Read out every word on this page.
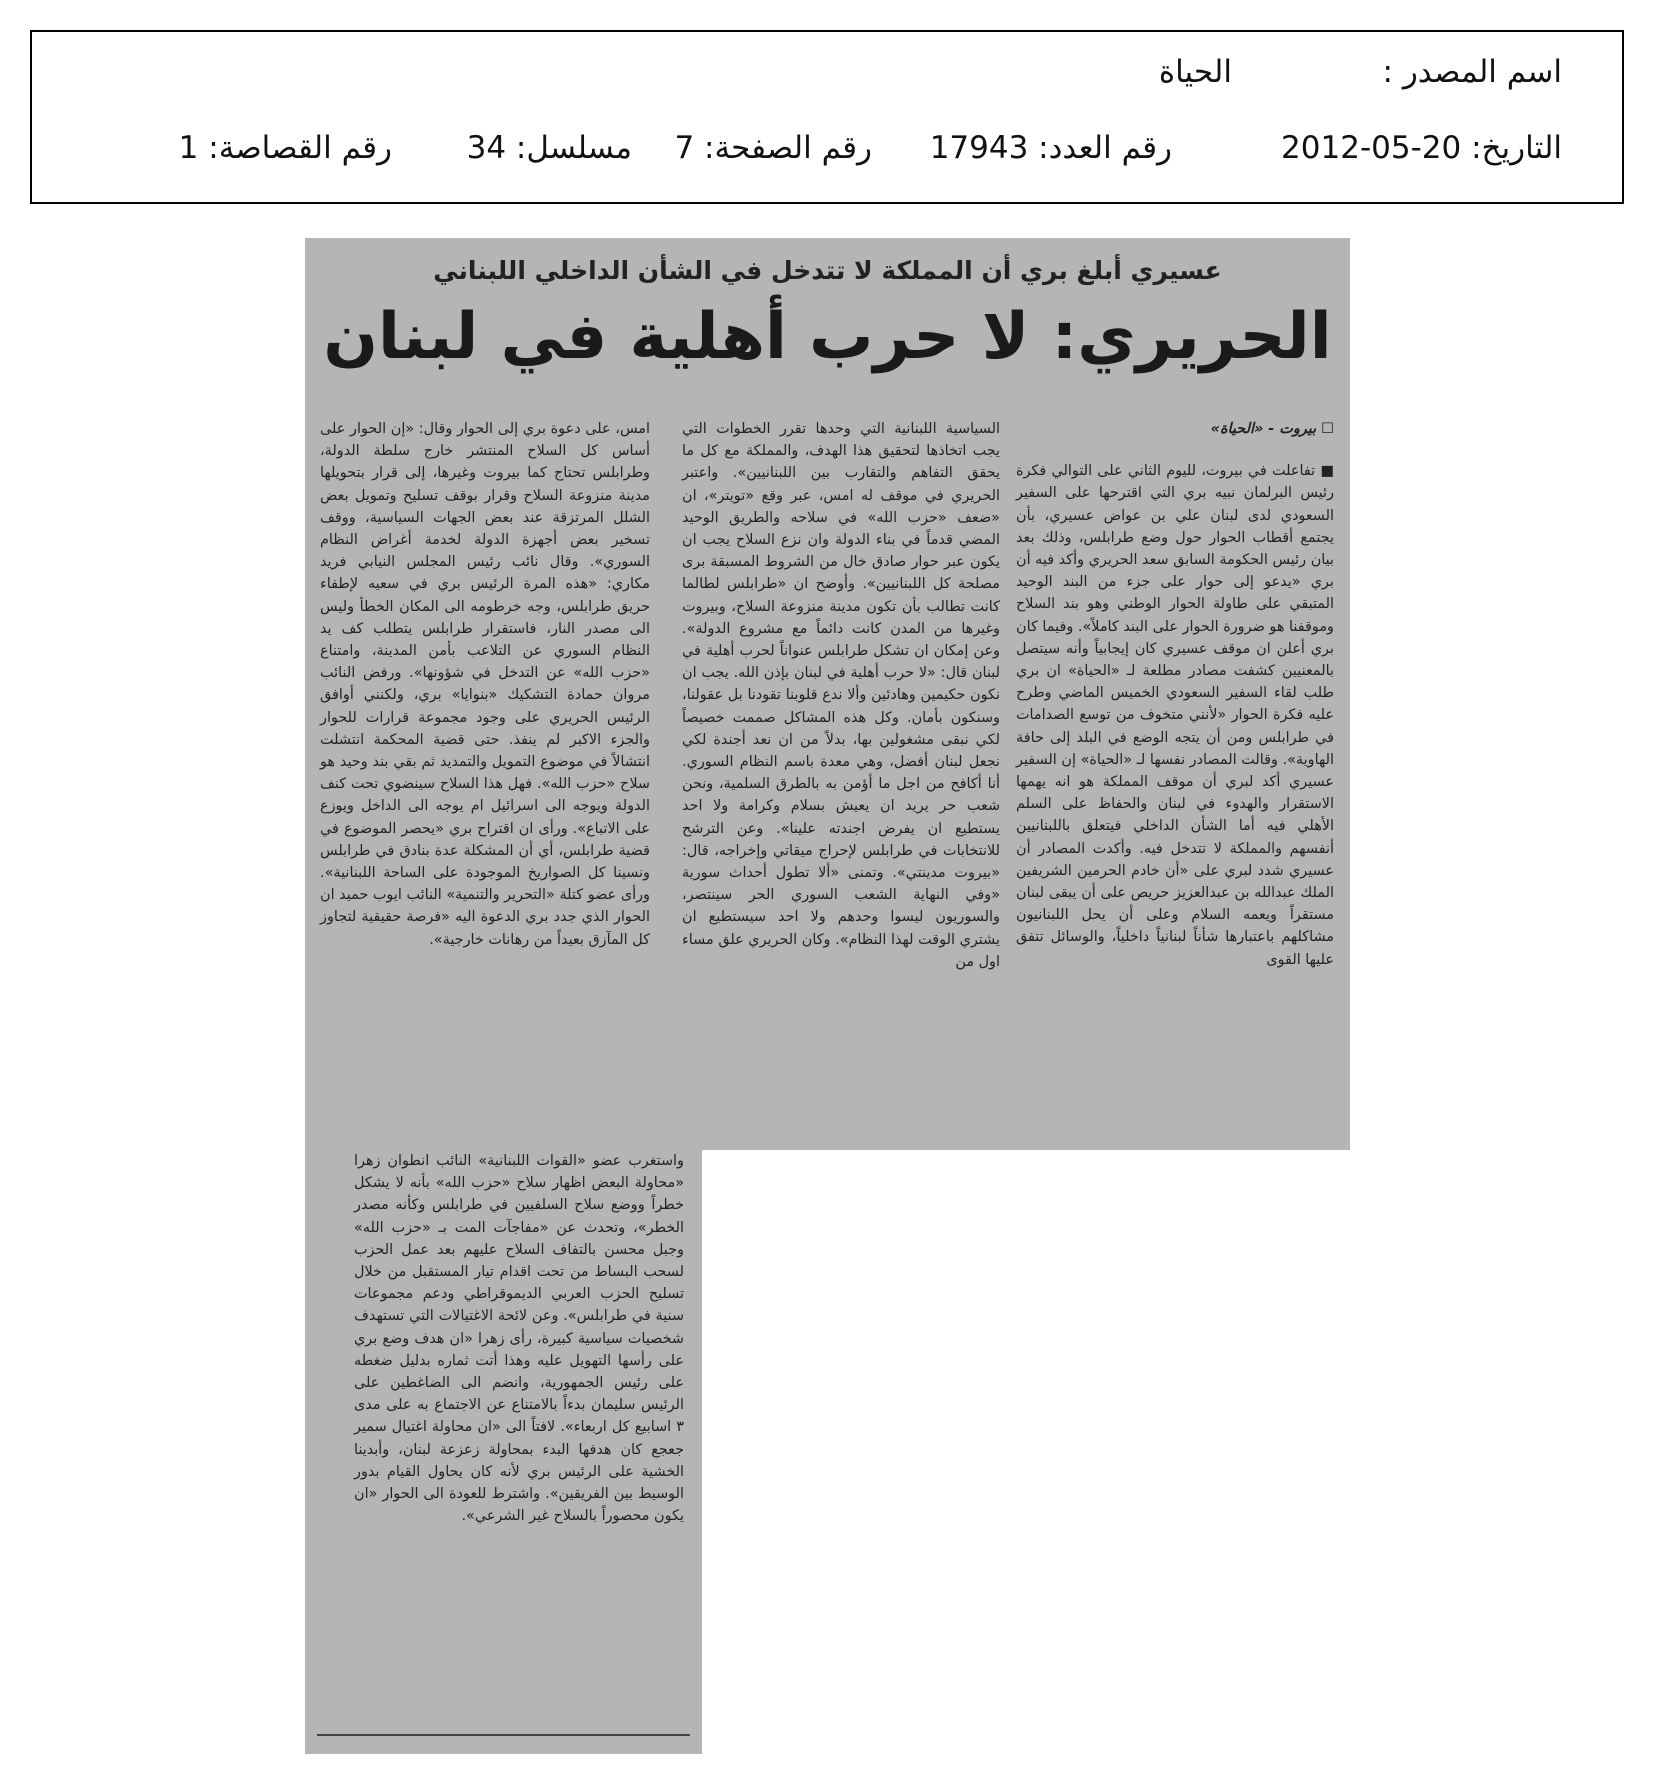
اسم المصدر :
الحياة
التاريخ: 20-05-2012
رقم العدد: 17943
رقم الصفحة: 7
مسلسل: 34
رقم القصاصة: 1
عسيري أبلغ بري أن المملكة لا تتدخل في الشأن الداخلي اللبناني
الحريري: لا حرب أهلية في لبنان
☐ بيروت - «الحياة»
■ تفاعلت في بيروت، لليوم الثاني على التوالي فكرة رئيس البرلمان نبيه بري التي اقترحها على السفير السعودي لدى لبنان علي بن عواض عسيري، بأن يجتمع أقطاب الحوار حول وضع طرابلس، وذلك بعد بيان رئيس الحكومة السابق سعد الحريري وأكد فيه أن بري «يدعو إلى حوار على جزء من البند الوحيد المتبقي على طاولة الحوار الوطني وهو بند السلاح وموقفنا هو ضرورة الحوار على البند كاملاً». وفيما كان بري أعلن ان موقف عسيري كان إيجابياً وأنه سيتصل بالمعنيين كشفت مصادر مطلعة لـ «الحياة» ان بري طلب لقاء السفير السعودي الخميس الماضي وطرح عليه فكرة الحوار «لأنني متخوف من توسع الصدامات في طرابلس ومن أن يتجه الوضع في البلد إلى حافة الهاوية». وقالت المصادر نفسها لـ «الحياة» إن السفير عسيري أكد لبري أن موقف المملكة هو انه يهمها الاستقرار والهدوء في لبنان والحفاظ على السلم الأهلي فيه أما الشأن الداخلي فيتعلق باللبنانيين أنفسهم والمملكة لا تتدخل فيه. وأكدت المصادر أن عسيري شدد لبري على «أن خادم الحرمين الشريفين الملك عبدالله بن عبدالعزيز حريص على أن يبقى لبنان مستقراً ويعمه السلام وعلى أن يحل اللبنانيون مشاكلهم باعتبارها شأناً لبنانياً داخلياً، والوسائل تتفق عليها القوى
السياسية اللبنانية التي وحدها تقرر الخطوات التي يجب اتخاذها لتحقيق هذا الهدف، والمملكة مع كل ما يحقق التفاهم والتقارب بين اللبنانيين». واعتبر الحريري في موقف له امس، عبر وقع «تويتر»، ان «ضعف «حزب الله» في سلاحه والطريق الوحيد المضي قدماً في بناء الدولة وان نزع السلاح يجب ان يكون عبر حوار صادق خال من الشروط المسبقة برى مصلحة كل اللبنانيين». وأوضح ان «طرابلس لطالما كانت تطالب بأن تكون مدينة منزوعة السلاح، وبيروت وغيرها من المدن كانت دائماً مع مشروع الدولة». وعن إمكان ان تشكل طرابلس عنواناً لحرب أهلية في لبنان قال: «لا حرب أهلية في لبنان بإذن الله. يجب ان نكون حكيمين وهادئين وألا ندع قلوبنا تقودنا بل عقولنا، وسنكون بأمان. وكل هذه المشاكل صممت خصيصاً لكي نبقى مشغولين بها، بدلاً من ان نعد أجندة لكي نجعل لبنان أفضل، وهي معدة باسم النظام السوري. أنا أكافح من اجل ما أؤمن به بالطرق السلمية، ونحن شعب حر يريد ان يعيش بسلام وكرامة ولا احد يستطيع ان يفرض اجندته علينا». وعن الترشح للانتخابات في طرابلس لإحراج ميقاتي وإخراجه، قال: «بيروت مدينتي». وتمنى «ألا تطول أحداث سورية «وفي النهاية الشعب السوري الحر سينتصر، والسوريون ليسوا وحدهم ولا احد سيستطيع ان يشتري الوقت لهذا النظام». وكان الحريري علق مساء اول من
امس، على دعوة بري إلى الحوار وقال: «إن الحوار على أساس كل السلاح المنتشر خارج سلطة الدولة، وطرابلس تحتاج كما بيروت وغيرها، إلى قرار بتحويلها مدينة منزوعة السلاح وقرار بوقف تسليح وتمويل بعض الشلل المرتزقة عند بعض الجهات السياسية، ووقف تسخير بعض أجهزة الدولة لخدمة أغراض النظام السوري». وقال نائب رئيس المجلس النيابي فريد مكاري: «هذه المرة الرئيس بري في سعيه لإطفاء حريق طرابلس، وجه خرطومه الى المكان الخطأ وليس الى مصدر النار، فاستقرار طرابلس يتطلب كف يد النظام السوري عن التلاعب بأمن المدينة، وامتناع «حزب الله» عن التدخل في شؤونها». ورفض النائب مروان حمادة التشكيك «بنوايا» بري، ولكنني أوافق الرئيس الحريري على وجود مجموعة قرارات للحوار والجزء الاكبر لم ينفذ. حتى قضية المحكمة انتشلت انتشالاً في موضوع التمويل والتمديد ثم بقي بند وحيد هو سلاح «حزب الله». فهل هذا السلاح سينضوي تحت كنف الدولة ويوجه الى اسرائيل ام يوجه الى الداخل ويوزع على الاتباع». ورأى ان اقتراح بري «يحصر الموضوع في قضية طرابلس، أي أن المشكلة عدة بنادق في طرابلس ونسينا كل الصواريخ الموجودة على الساحة اللبنانية». ورأى عضو كتلة «التحرير والتنمية» النائب ايوب حميد ان الحوار الذي جدد بري الدعوة اليه «فرصة حقيقية لتجاوز كل المآزق بعيداً من رهانات خارجية».
واستغرب عضو «القوات اللبنانية» النائب انطوان زهرا «محاولة البعض اظهار سلاح «حزب الله» بأنه لا يشكل خطراً ووضع سلاح السلفيين في طرابلس وكأنه مصدر الخطر»، وتحدث عن «مفاجآت المت بـ «حزب الله» وجبل محسن بالتفاف السلاح عليهم بعد عمل الحزب لسحب البساط من تحت اقدام تيار المستقبل من خلال تسليح الحزب العربي الديموقراطي ودعم مجموعات سنية في طرابلس». وعن لائحة الاغتيالات التي تستهدف شخصيات سياسية كبيرة، رأى زهرا «ان هدف وضع بري على رأسها التهويل عليه وهذا أتت ثماره بدليل ضغطه على رئيس الجمهورية، وانضم الى الضاغطين على الرئيس سليمان بدءاً بالامتناع عن الاجتماع به على مدى ٣ اسابيع كل اربعاء». لافتاً الى «ان محاولة اغتيال سمير جعجع كان هدفها البدء بمحاولة زعزعة لبنان، وأبدينا الخشية على الرئيس بري لأنه كان يحاول القيام بدور الوسيط بين الفريقين». واشترط للعودة الى الحوار «ان يكون محصوراً بالسلاح غير الشرعي».
